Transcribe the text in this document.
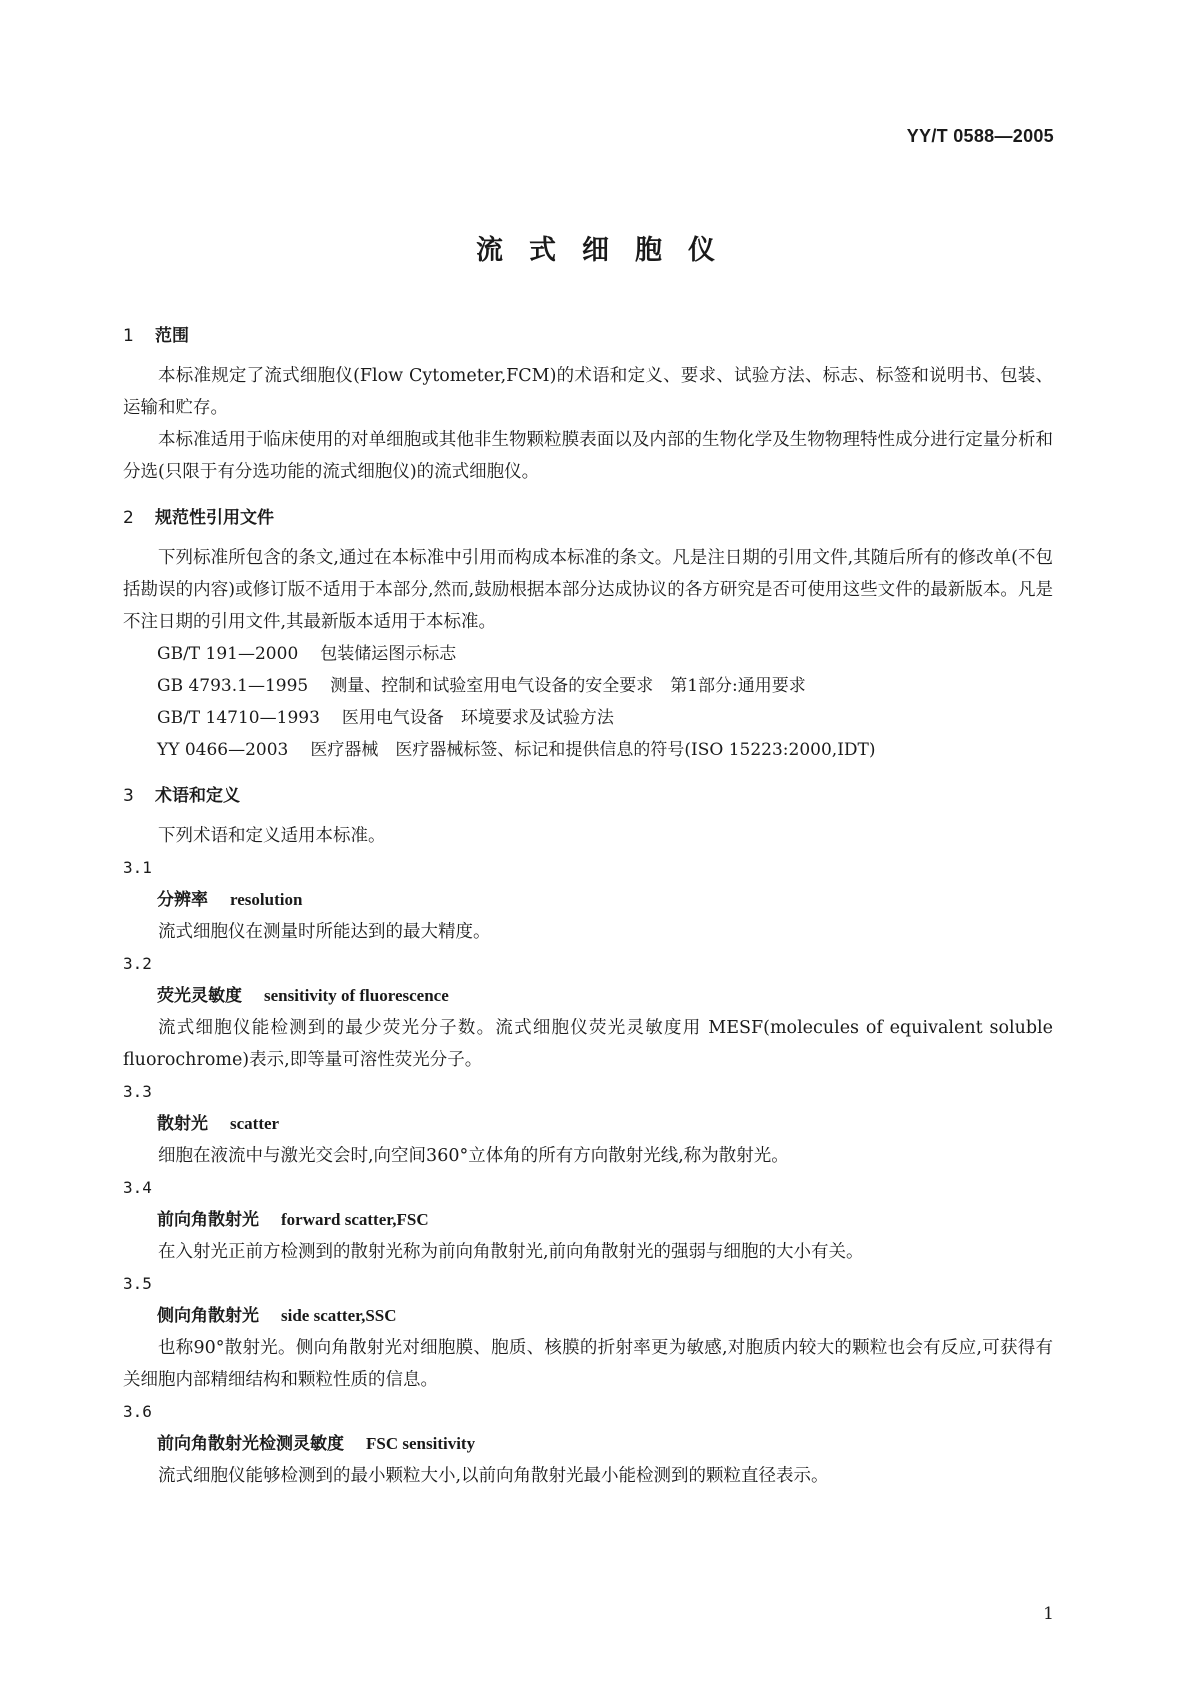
YY/T 0588—2005
流式细胞仪
1 范围

本标准规定了流式细胞仪(Flow Cytometer,FCM)的术语和定义、要求、试验方法、标志、标签和说明书、包装、运输和贮存。

本标准适用于临床使用的对单细胞或其他非生物颗粒膜表面以及内部的生物化学及生物物理特性成分进行定量分析和分选(只限于有分选功能的流式细胞仪)的流式细胞仪。

2 规范性引用文件

下列标准所包含的条文,通过在本标准中引用而构成本标准的条文。凡是注日期的引用文件,其随后所有的修改单(不包括勘误的内容)或修订版不适用于本部分,然而,鼓励根据本部分达成协议的各方研究是否可使用这些文件的最新版本。凡是不注日期的引用文件,其最新版本适用于本标准。

GB/T 191—2000 包装储运图示标志
GB 4793.1—1995 测量、控制和试验室用电气设备的安全要求　第1部分:通用要求
GB/T 14710—1993 医用电气设备　环境要求及试验方法
YY 0466—2003 医疗器械　医疗器械标签、标记和提供信息的符号(ISO 15223:2000,IDT)
3 术语和定义

下列术语和定义适用本标准。

3.1
分辨率 resolution

流式细胞仪在测量时所能达到的最大精度。

3.2
荧光灵敏度 sensitivity of fluorescence

流式细胞仪能检测到的最少荧光分子数。流式细胞仪荧光灵敏度用 MESF(molecules of equivalent soluble fluorochrome)表示,即等量可溶性荧光分子。

3.3
散射光 scatter

细胞在液流中与激光交会时,向空间360°立体角的所有方向散射光线,称为散射光。

3.4
前向角散射光 forward scatter,FSC

在入射光正前方检测到的散射光称为前向角散射光,前向角散射光的强弱与细胞的大小有关。

3.5
侧向角散射光 side scatter,SSC

也称90°散射光。侧向角散射光对细胞膜、胞质、核膜的折射率更为敏感,对胞质内较大的颗粒也会有反应,可获得有关细胞内部精细结构和颗粒性质的信息。

3.6
前向角散射光检测灵敏度 FSC sensitivity

流式细胞仪能够检测到的最小颗粒大小,以前向角散射光最小能检测到的颗粒直径表示。

1
